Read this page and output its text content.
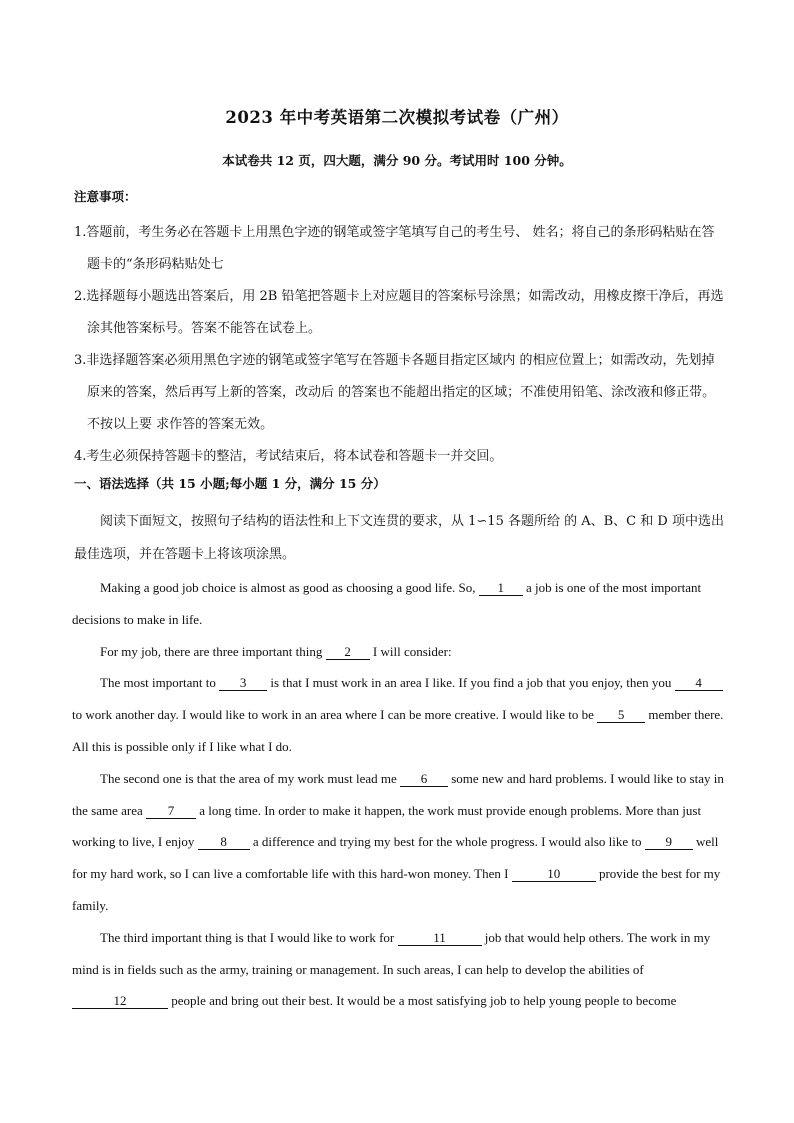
2023 年中考英语第二次模拟考试卷（广州）
本试卷共 12 页，四大题，满分 90 分。考试用时 100 分钟。
注意事项：

1.答题前，考生务必在答题卡上用黑色字迹的钢笔或签字笔填写自己的考生号、 姓名；将自己的条形码粘贴在答题卡的“条形码粘贴处七

2.选择题每小题选出答案后，用 2B 铅笔把答题卡上对应题目的答案标号涂黑；如需改动，用橡皮擦干净后，再选涂其他答案标号。答案不能答在试卷上。

3.非选择题答案必须用黑色字迹的钢笔或签字笔写在答题卡各题目指定区域内 的相应位置上；如需改动，先划掉原来的答案，然后再写上新的答案，改动后 的答案也不能超出指定的区域；不准使用铅笔、涂改液和修正带。不按以上要 求作答的答案无效。

4.考生必须保持答题卡的整洁，考试结束后，将本试卷和答题卡一并交回。

一、语法选择（共 15 小题;每小题 1 分，满分 15 分）

阅读下面短文，按照句子结构的语法性和上下文连贯的要求，从 1∽15 各题所给 的 A、B、C 和 D 项中选出最佳选项，并在答题卡上将该项涂黑。

Making a good job choice is almost as good as choosing a good life. So, 1 a job is one of the most important decisions to make in life.

For my job, there are three important thing 2 I will consider:

The most important to 3 is that I must work in an area I like. If you find a job that you enjoy, then you 4 to work another day. I would like to work in an area where I can be more creative. I would like to be 5 member there. All this is possible only if I like what I do.

The second one is that the area of my work must lead me 6 some new and hard problems. I would like to stay in the same area 7 a long time. In order to make it happen, the work must provide enough problems. More than just working to live, I enjoy 8 a difference and trying my best for the whole progress. I would also like to 9 well for my hard work, so I can live a comfortable life with this hard-won money. Then I	10	provide the best for my family.

The third important thing is that I would like to work for	11	job that would help others. The work in my mind is in fields such as the army, training or management. In such areas, I can help to develop the abilities of 12	people and bring out their best. It would be a most satisfying job to help young people to become
